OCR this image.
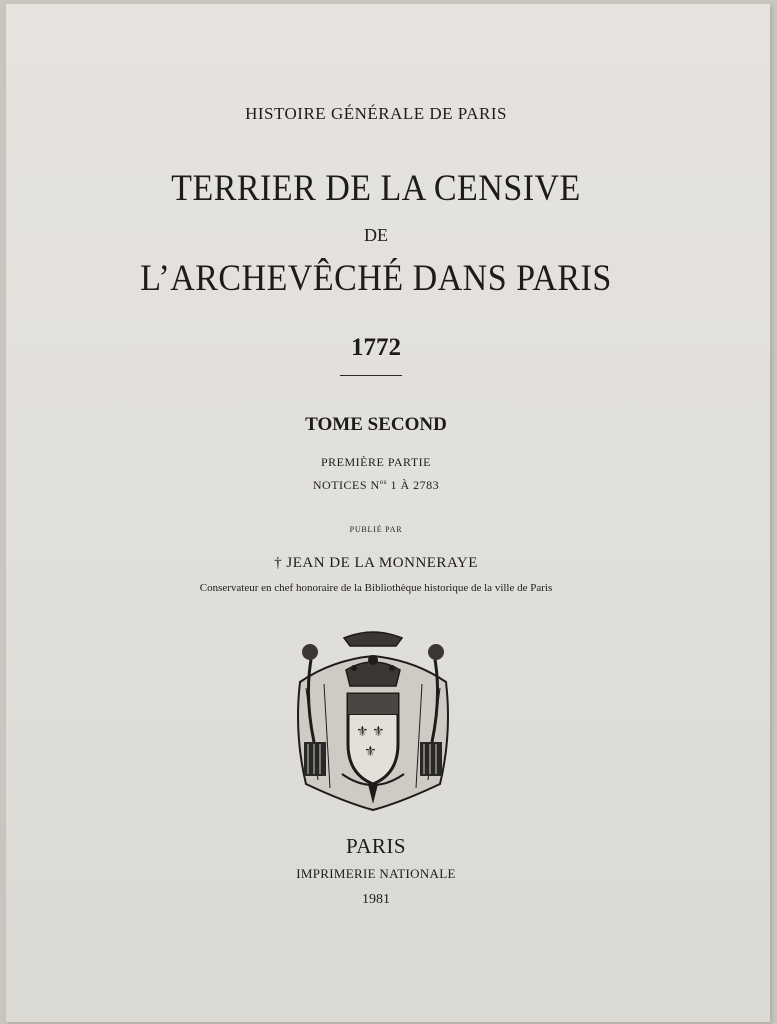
HISTOIRE GÉNÉRALE DE PARIS
TERRIER DE LA CENSIVE
DE
L’ARCHEVÊCHÉ DANS PARIS
1772
TOME SECOND
PREMIÈRE PARTIE
NOTICES $N^{os}$ 1 À 2783
PUBLIÉ PAR
† JEAN DE LA MONNERAYE
Conservateur en chef honoraire de la Bibliothèque historique de la ville de Paris
⚜ ⚜
⚜
PARIS
IMPRIMERIE NATIONALE
1981
